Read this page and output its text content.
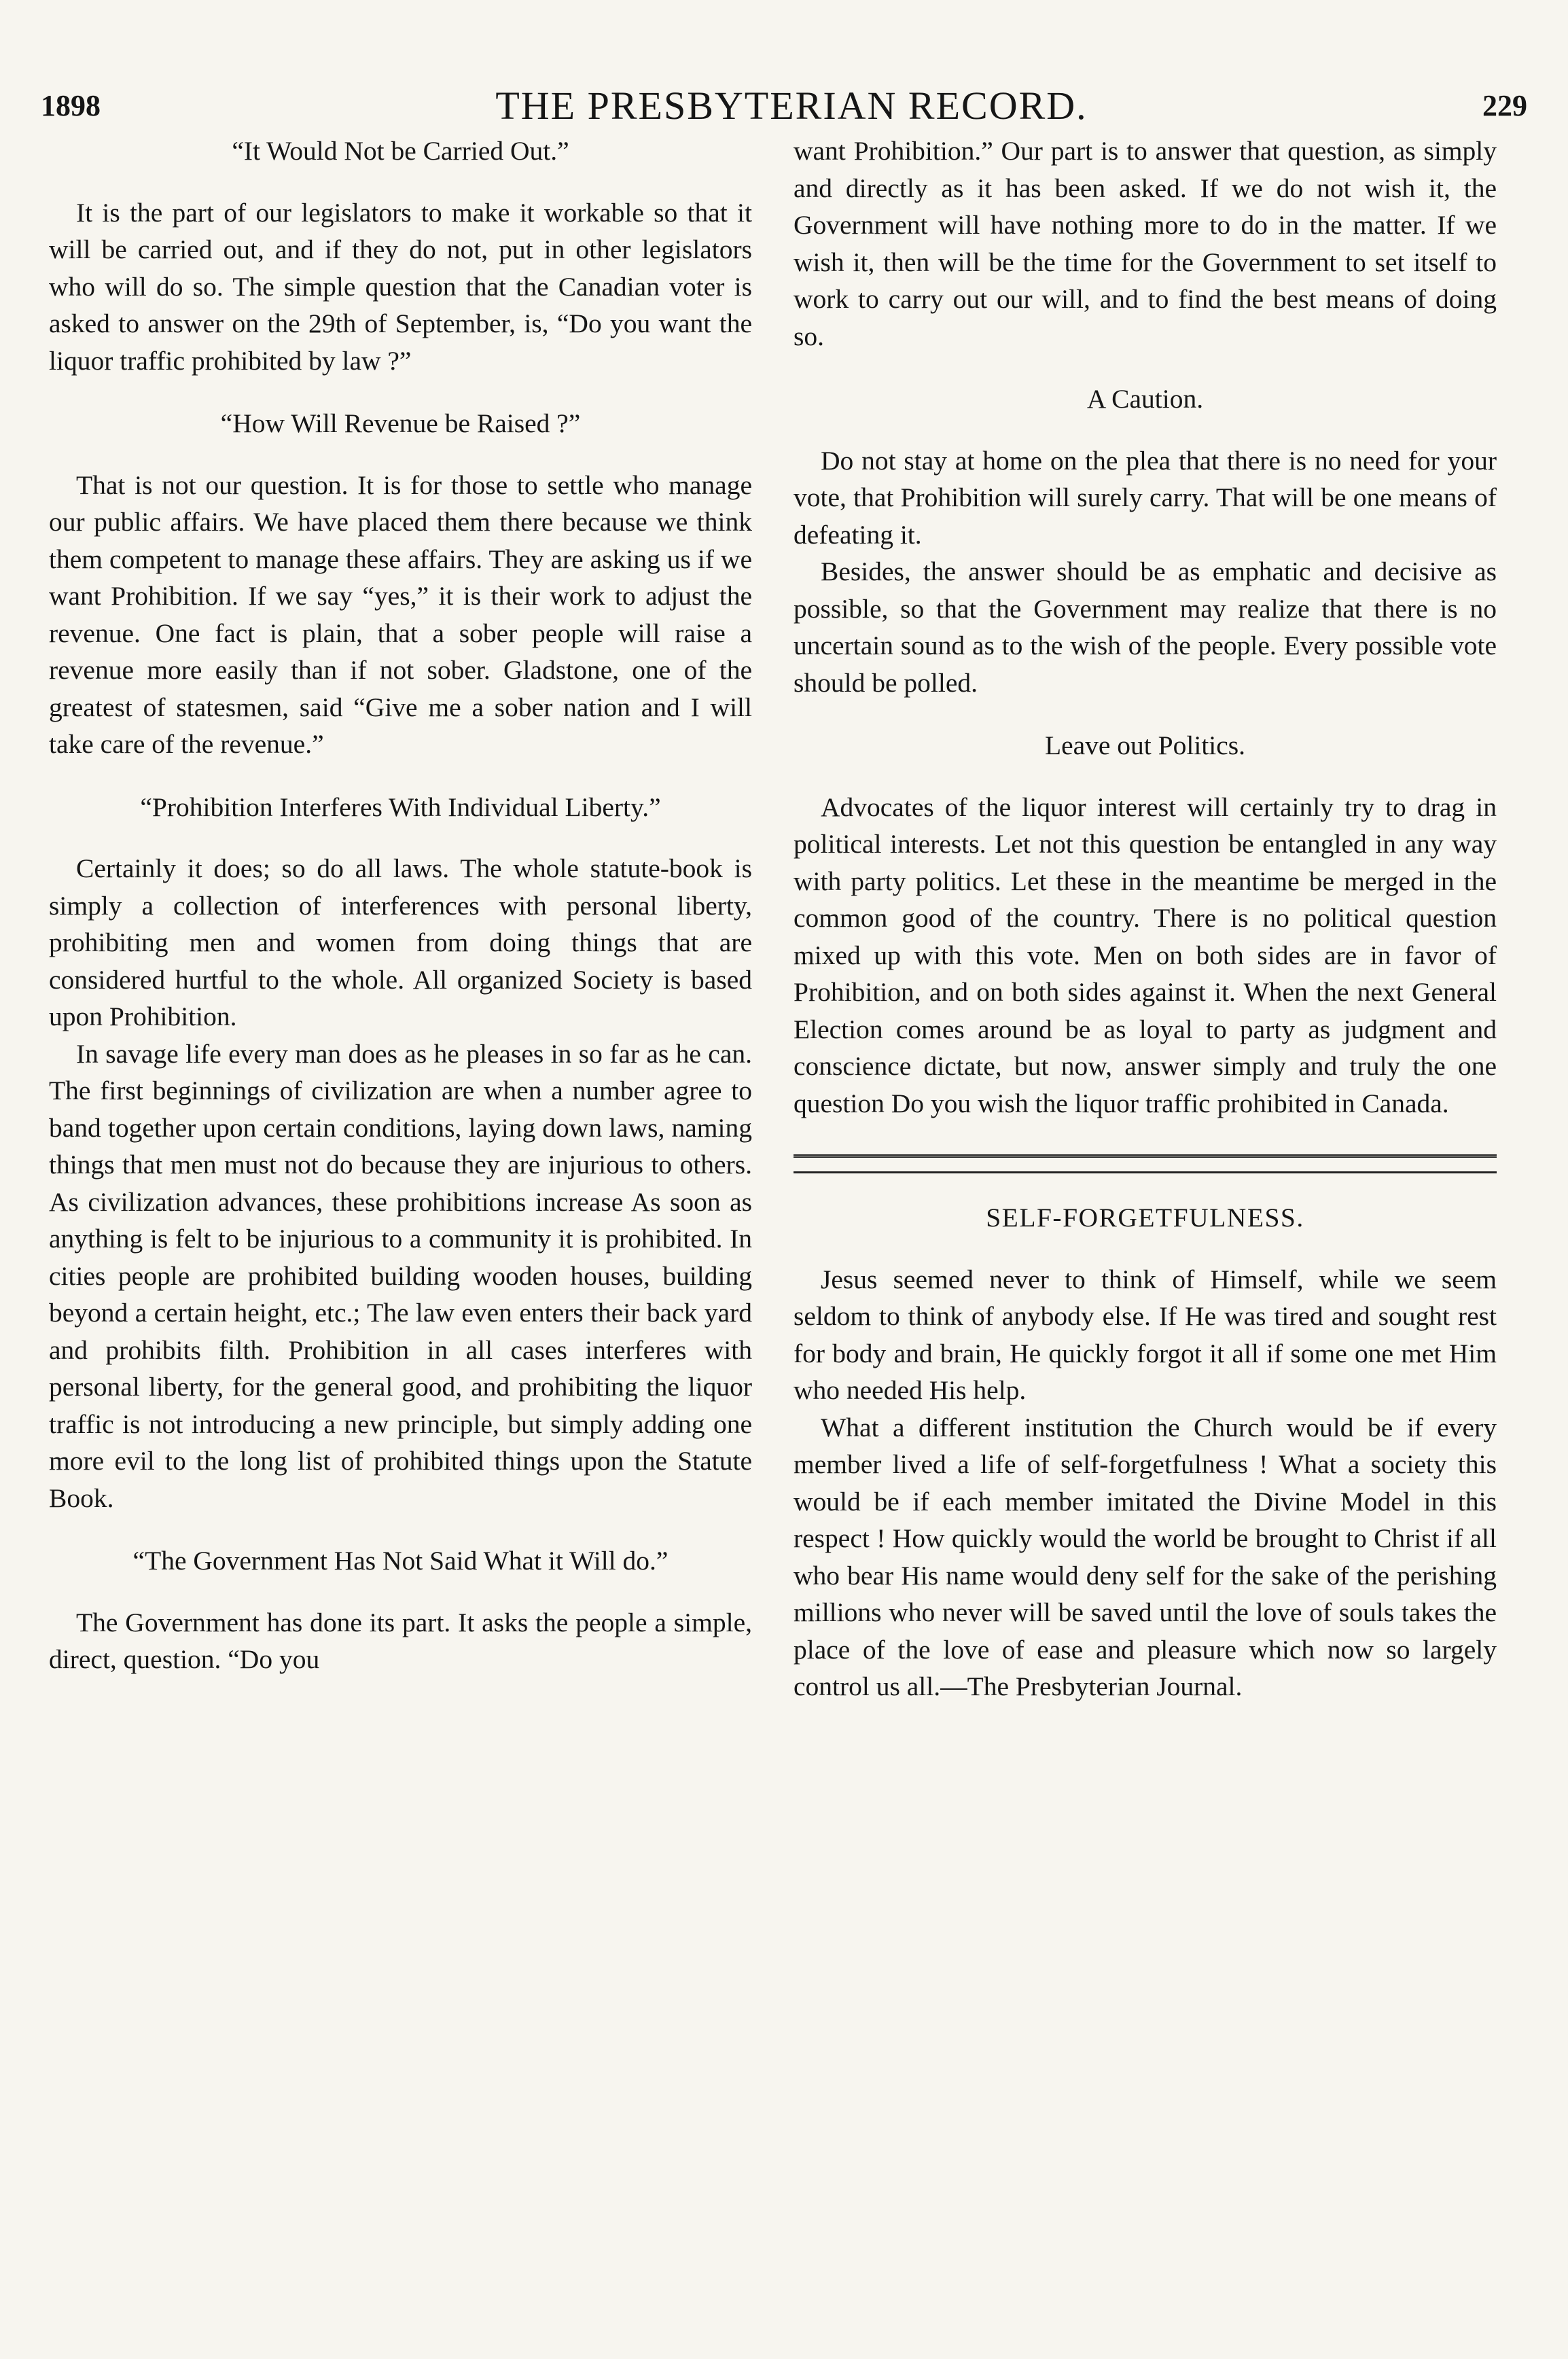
1898	THE PRESBYTERIAN RECORD.	229
“It Would Not be Carried Out.”

It is the part of our legislators to make it workable so that it will be carried out, and if they do not, put in other legislators who will do so. The simple question that the Canadian voter is asked to answer on the 29th of September, is, “Do you want the liquor traffic prohibited by law ?”

“How Will Revenue be Raised ?”

That is not our question. It is for those to settle who manage our public affairs. We have placed them there because we think them competent to manage these affairs. They are asking us if we want Prohibition. If we say “yes,” it is their work to adjust the revenue. One fact is plain, that a sober people will raise a revenue more easily than if not sober. Gladstone, one of the greatest of statesmen, said “Give me a sober nation and I will take care of the revenue.”

“Prohibition Interferes With Individual Liberty.”

Certainly it does; so do all laws. The whole statute-book is simply a collection of interferences with personal liberty, prohibiting men and women from doing things that are considered hurtful to the whole. All organized Society is based upon Prohibition.

In savage life every man does as he pleases in so far as he can. The first beginnings of civilization are when a number agree to band together upon certain conditions, laying down laws, naming things that men must not do because they are injurious to others. As civilization advances, these prohibitions increase As soon as anything is felt to be injurious to a community it is prohibited. In cities people are prohibited building wooden houses, building beyond a certain height, etc.; The law even enters their back yard and prohibits filth. Prohibition in all cases interferes with personal liberty, for the general good, and prohibiting the liquor traffic is not introducing a new principle, but simply adding one more evil to the long list of prohibited things upon the Statute Book.

“The Government Has Not Said What it Will do.”

The Government has done its part. It asks the people a simple, direct, question. “Do you

want Prohibition.” Our part is to answer that question, as simply and directly as it has been asked. If we do not wish it, the Government will have nothing more to do in the matter. If we wish it, then will be the time for the Government to set itself to work to carry out our will, and to find the best means of doing so.

A Caution.

Do not stay at home on the plea that there is no need for your vote, that Prohibition will surely carry. That will be one means of defeating it.

Besides, the answer should be as emphatic and decisive as possible, so that the Government may realize that there is no uncertain sound as to the wish of the people. Every possible vote should be polled.

Leave out Politics.

Advocates of the liquor interest will certainly try to drag in political interests. Let not this question be entangled in any way with party politics. Let these in the meantime be merged in the common good of the country. There is no political question mixed up with this vote. Men on both sides are in favor of Prohibition, and on both sides against it. When the next General Election comes around be as loyal to party as judgment and conscience dictate, but now, answer simply and truly the one question Do you wish the liquor traffic prohibited in Canada.

SELF-FORGETFULNESS.

Jesus seemed never to think of Himself, while we seem seldom to think of anybody else. If He was tired and sought rest for body and brain, He quickly forgot it all if some one met Him who needed His help.

What a different institution the Church would be if every member lived a life of self-forgetfulness ! What a society this would be if each member imitated the Divine Model in this respect ! How quickly would the world be brought to Christ if all who bear His name would deny self for the sake of the perishing millions who never will be saved until the love of souls takes the place of the love of ease and pleasure which now so largely control us all.—The Presbyterian Journal.
